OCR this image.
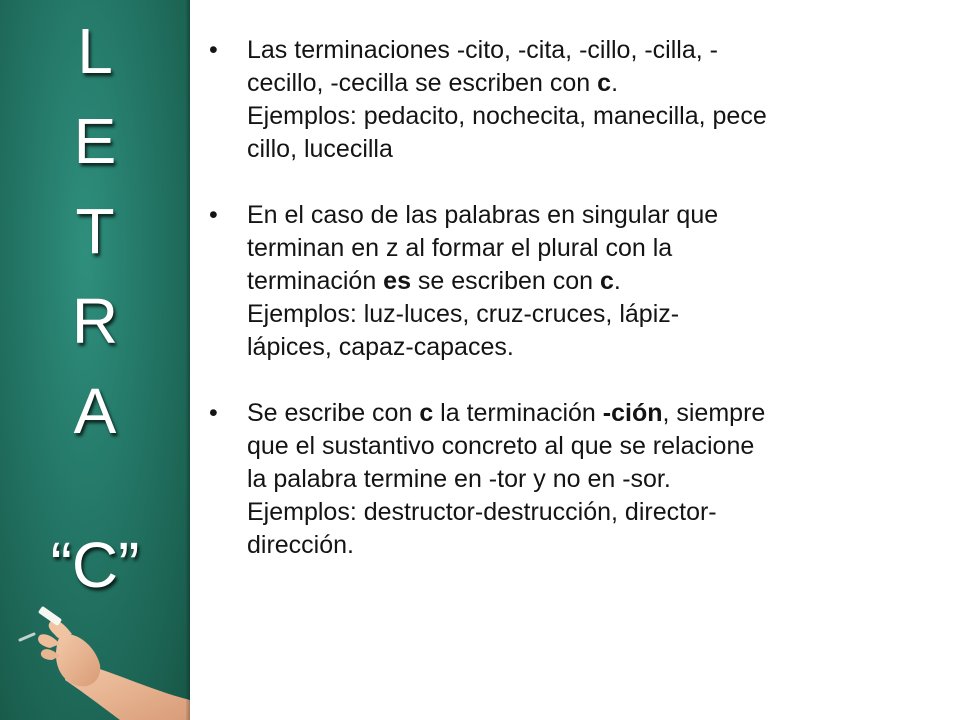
L
E
T
R
A
“C”
• Las terminaciones -cito, -cita, -cillo, -cilla, -
cecillo, -cecilla se escriben con c.
Ejemplos: pedacito, nochecita, manecilla, pece
cillo, lucecilla

• En el caso de las palabras en singular que
terminan en z al formar el plural con la
terminación es se escriben con c.
Ejemplos: luz-luces, cruz-cruces, lápiz-
lápices, capaz-capaces.

• Se escribe con c la terminación -ción, siempre
que el sustantivo concreto al que se relacione
la palabra termine en -tor y no en -sor.
Ejemplos: destructor-destrucción, director-
dirección.
